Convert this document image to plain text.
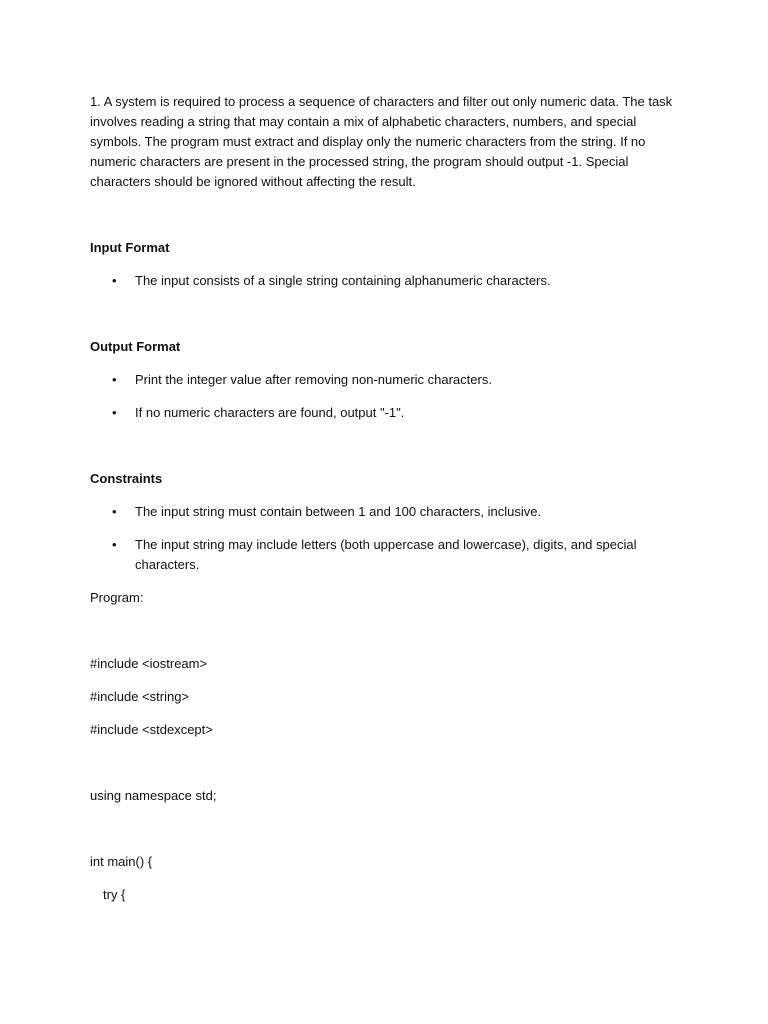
1. A system is required to process a sequence of characters and filter out only numeric data. The task involves reading a string that may contain a mix of alphabetic characters, numbers, and special symbols. The program must extract and display only the numeric characters from the string. If no numeric characters are present in the processed string, the program should output -1. Special characters should be ignored without affecting the result.

Input Format

• The input consists of a single string containing alphanumeric characters.

Output Format

• Print the integer value after removing non-numeric characters.
• If no numeric characters are found, output "-1".

Constraints

• The input string must contain between 1 and 100 characters, inclusive.
• The input string may include letters (both uppercase and lowercase), digits, and special characters.

Program:

#include <iostream>

#include <string>

#include <stdexcept>

using namespace std;

int main() {

try {
